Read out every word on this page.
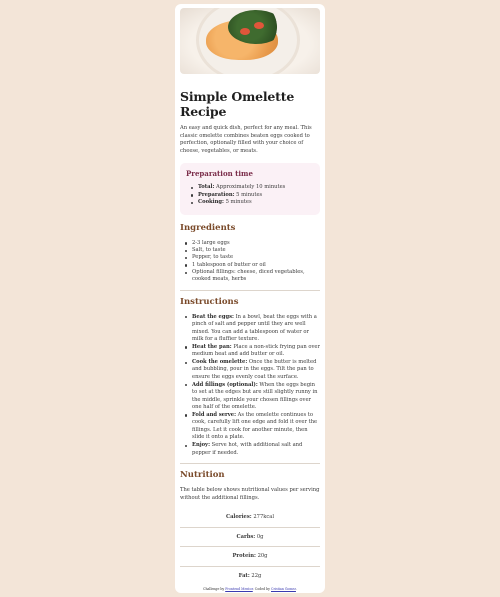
Simple Omelette Recipe

An easy and quick dish, perfect for any meal. This classic omelette combines beaten eggs cooked to perfection, optionally filled with your choice of cheese, vegetables, or meats.

Preparation time
Total: Approximately 10 minutes
Preparation: 5 minutes
Cooking: 5 minutes
Ingredients
2-3 large eggs
Salt, to taste
Pepper, to taste
1 tablespoon of butter or oil
Optional fillings: cheese, diced vegetables, cooked meats, herbs
Instructions
Beat the eggs: In a bowl, beat the eggs with a pinch of salt and pepper until they are well mixed. You can add a tablespoon of water or milk for a fluffier texture.
Heat the pan: Place a non-stick frying pan over medium heat and add butter or oil.
Cook the omelette: Once the butter is melted and bubbling, pour in the eggs. Tilt the pan to ensure the eggs evenly coat the surface.
Add fillings (optional): When the eggs begin to set at the edges but are still slightly runny in the middle, sprinkle your chosen fillings over one half of the omelette.
Fold and serve: As the omelette continues to cook, carefully lift one edge and fold it over the fillings. Let it cook for another minute, then slide it onto a plate.
Enjoy: Serve hot, with additional salt and pepper if needed.
Nutrition

The table below shows nutritional values per serving without the additional fillings.

Calories: 277kcal
Carbs: 0g
Protein: 20g
Fat: 22g
Challenge by Frontend Mentor. Coded by Cristian Gomez.
